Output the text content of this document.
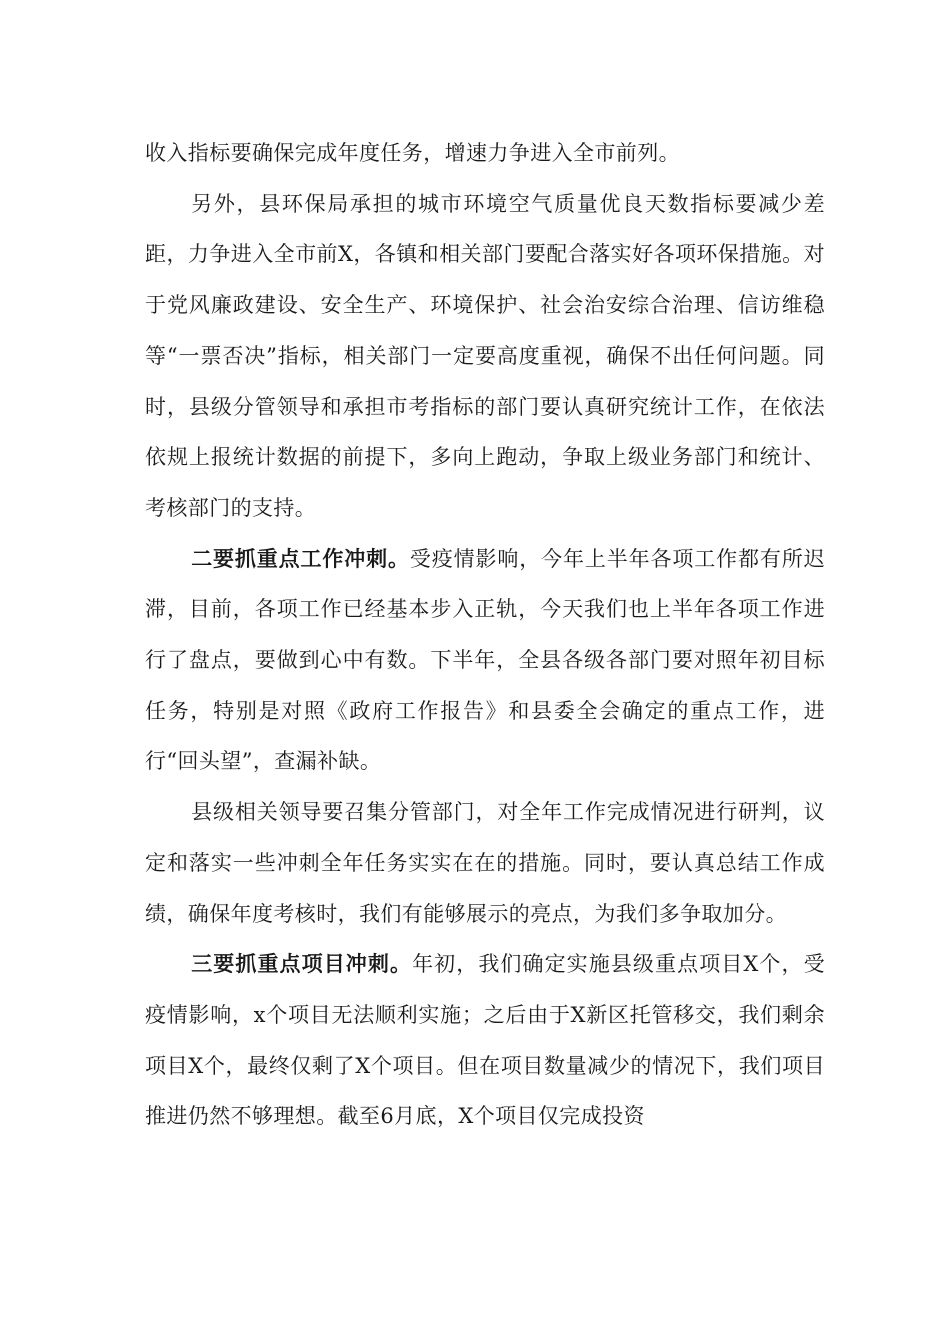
收入指标要确保完成年度任务，增速力争进入全市前列。

另外，县环保局承担的城市环境空气质量优良天数指标要减少差距，力争进入全市前X，各镇和相关部门要配合落实好各项环保措施。对于党风廉政建设、安全生产、环境保护、社会治安综合治理、信访维稳等“一票否决”指标，相关部门一定要高度重视，确保不出任何问题。同时，县级分管领导和承担市考指标的部门要认真研究统计工作，在依法依规上报统计数据的前提下，多向上跑动，争取上级业务部门和统计、考核部门的支持。

二要抓重点工作冲刺。受疫情影响，今年上半年各项工作都有所迟滞，目前，各项工作已经基本步入正轨，今天我们也上半年各项工作进行了盘点，要做到心中有数。下半年，全县各级各部门要对照年初目标任务，特别是对照《政府工作报告》和县委全会确定的重点工作，进行“回头望”，查漏补缺。

县级相关领导要召集分管部门，对全年工作完成情况进行研判，议定和落实一些冲刺全年任务实实在在的措施。同时，要认真总结工作成绩，确保年度考核时，我们有能够展示的亮点，为我们多争取加分。

三要抓重点项目冲刺。年初，我们确定实施县级重点项目X个，受疫情影响，x个项目无法顺利实施；之后由于X新区托管移交，我们剩余项目X个，最终仅剩了X个项目。但在项目数量减少的情况下，我们项目推进仍然不够理想。截至6月底，X个项目仅完成投资
